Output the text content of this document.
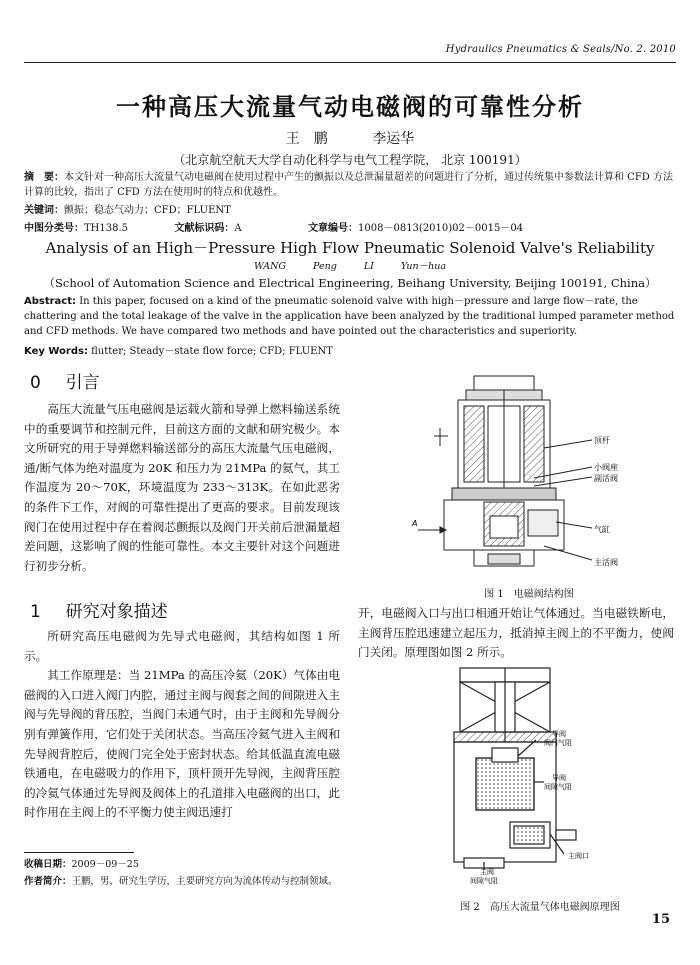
Hydraulics Pneumatics & Seals/No. 2. 2010
一种高压大流量气动电磁阀的可靠性分析
王　鹏 李运华
（北京航空航天大学自动化科学与电气工程学院， 北京 100191）
摘　要：本文针对一种高压大流量气动电磁阀在使用过程中产生的颤振以及总泄漏量超差的问题进行了分析，通过传统集中参数法计算和 CFD 方法计算的比较，指出了 CFD 方法在使用时的特点和优越性。
关键词：颤振；稳态气动力；CFD；FLUENT
中图分类号：TH138.5	文献标识码：A	文章编号：1008－0813(2010)02－0015－04
Analysis of an High－Pressure High Flow Pneumatic Solenoid Valve's Reliability
WANG Peng LI Yun－hua
（School of Automation Science and Electrical Engineering, Beihang University, Beijing 100191, China）
Abstract: In this paper, focused on a kind of the pneumatic solenoid valve with high－pressure and large flow－rate, the chattering and the total leakage of the valve in the application have been analyzed by the traditional lumped parameter method and CFD methods. We have compared two methods and have pointed out the characteristics and superiority.
Key Words: flutter; Steady－state flow force; CFD; FLUENT
0 引言

高压大流量气压电磁阀是运载火箭和导弹上燃料输送系统中的重要调节和控制元件，目前这方面的文献和研究极少。本文所研究的用于导弹燃料输送部分的高压大流量气压电磁阀，通/断气体为绝对温度为 20K 和压力为 21MPa 的氦气，其工作温度为 20～70K，环境温度为 233～313K。在如此恶劣的条件下工作，对阀的可靠性提出了更高的要求。目前发现该阀门在使用过程中存在着阀芯颤振以及阀门开关前后泄漏量超差问题，这影响了阀的性能可靠性。本文主要针对这个问题进行初步分析。

1 研究对象描述

所研究高压电磁阀为先导式电磁阀，其结构如图 1 所示。

其工作原理是：当 21MPa 的高压冷氦（20K）气体由电磁阀的入口进入阀门内腔，通过主阀与阀套之间的间隙进入主阀与先导阀的背压腔，当阀门未通气时，由于主阀和先导阀分别有弹簧作用，它们处于关闭状态。当高压冷氦气进入主阀和先导阀背腔后，使阀门完全处于密封状态。给其低温直流电磁铁通电，在电磁吸力的作用下，顶杆顶开先导阀，主阀背压腔的冷氦气体通过先导阀及阀体上的孔道排入电磁阀的出口，此时作用在主阀上的不平衡力使主阀迅速打

顶杆
小阀座
副活阀
气缸
主活阀
A
图 1　电磁阀结构图

开，电磁阀入口与出口相通开始让气体通过。当电磁铁断电，主阀背压腔迅速建立起压力，抵消掉主阀上的不平衡力，使阀门关闭。原理图如图 2 所示。

导阀阀门气阻
导阀间隙气阻
主阀口
主阀间隙气阻
图 2　高压大流量气体电磁阀原理图
收稿日期：2009－09－25
作者简介：王鹏，男，研究生学历，主要研究方向为流体传动与控制领域。
15
